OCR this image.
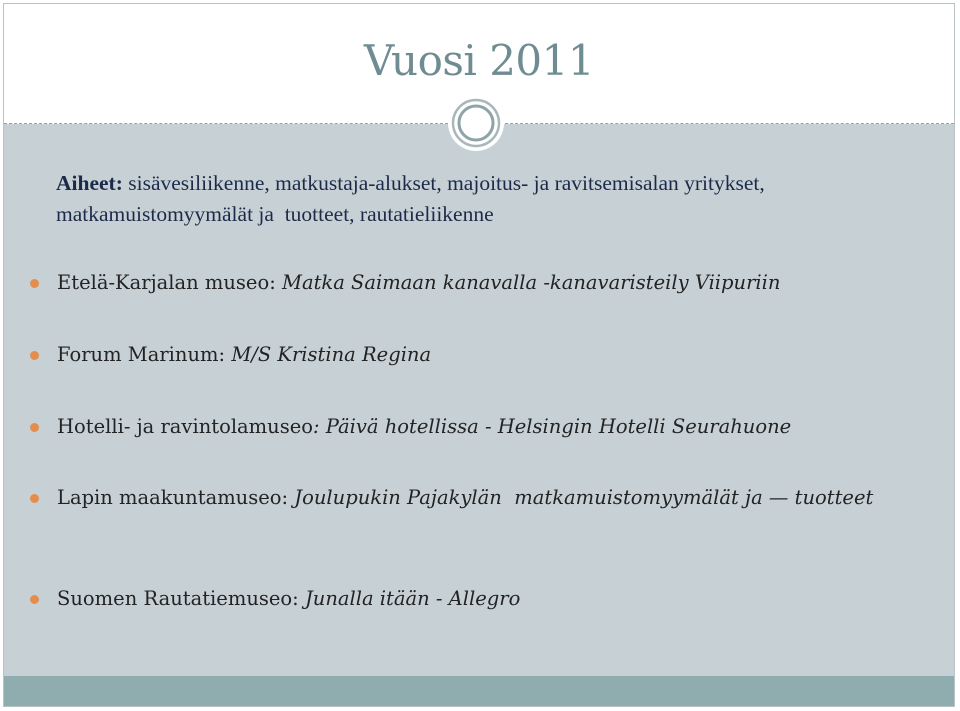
Vuosi 2011
Aiheet: sisävesiliikenne, matkustaja-alukset, majoitus- ja ravitsemisalan yritykset, matkamuistomyymälät ja  tuotteet, rautatieliikenne
Etelä-Karjalan museo: Matka Saimaan kanavalla -kanavaristeily Viipuriin
Forum Marinum: M/S Kristina Regina
Hotelli- ja ravintolamuseo: Päivä hotellissa - Helsingin Hotelli Seurahuone
Lapin maakuntamuseo: Joulupukin Pajakylän  matkamuistomyymälät ja — tuotteet
Suomen Rautatiemuseo: Junalla itään - Allegro
